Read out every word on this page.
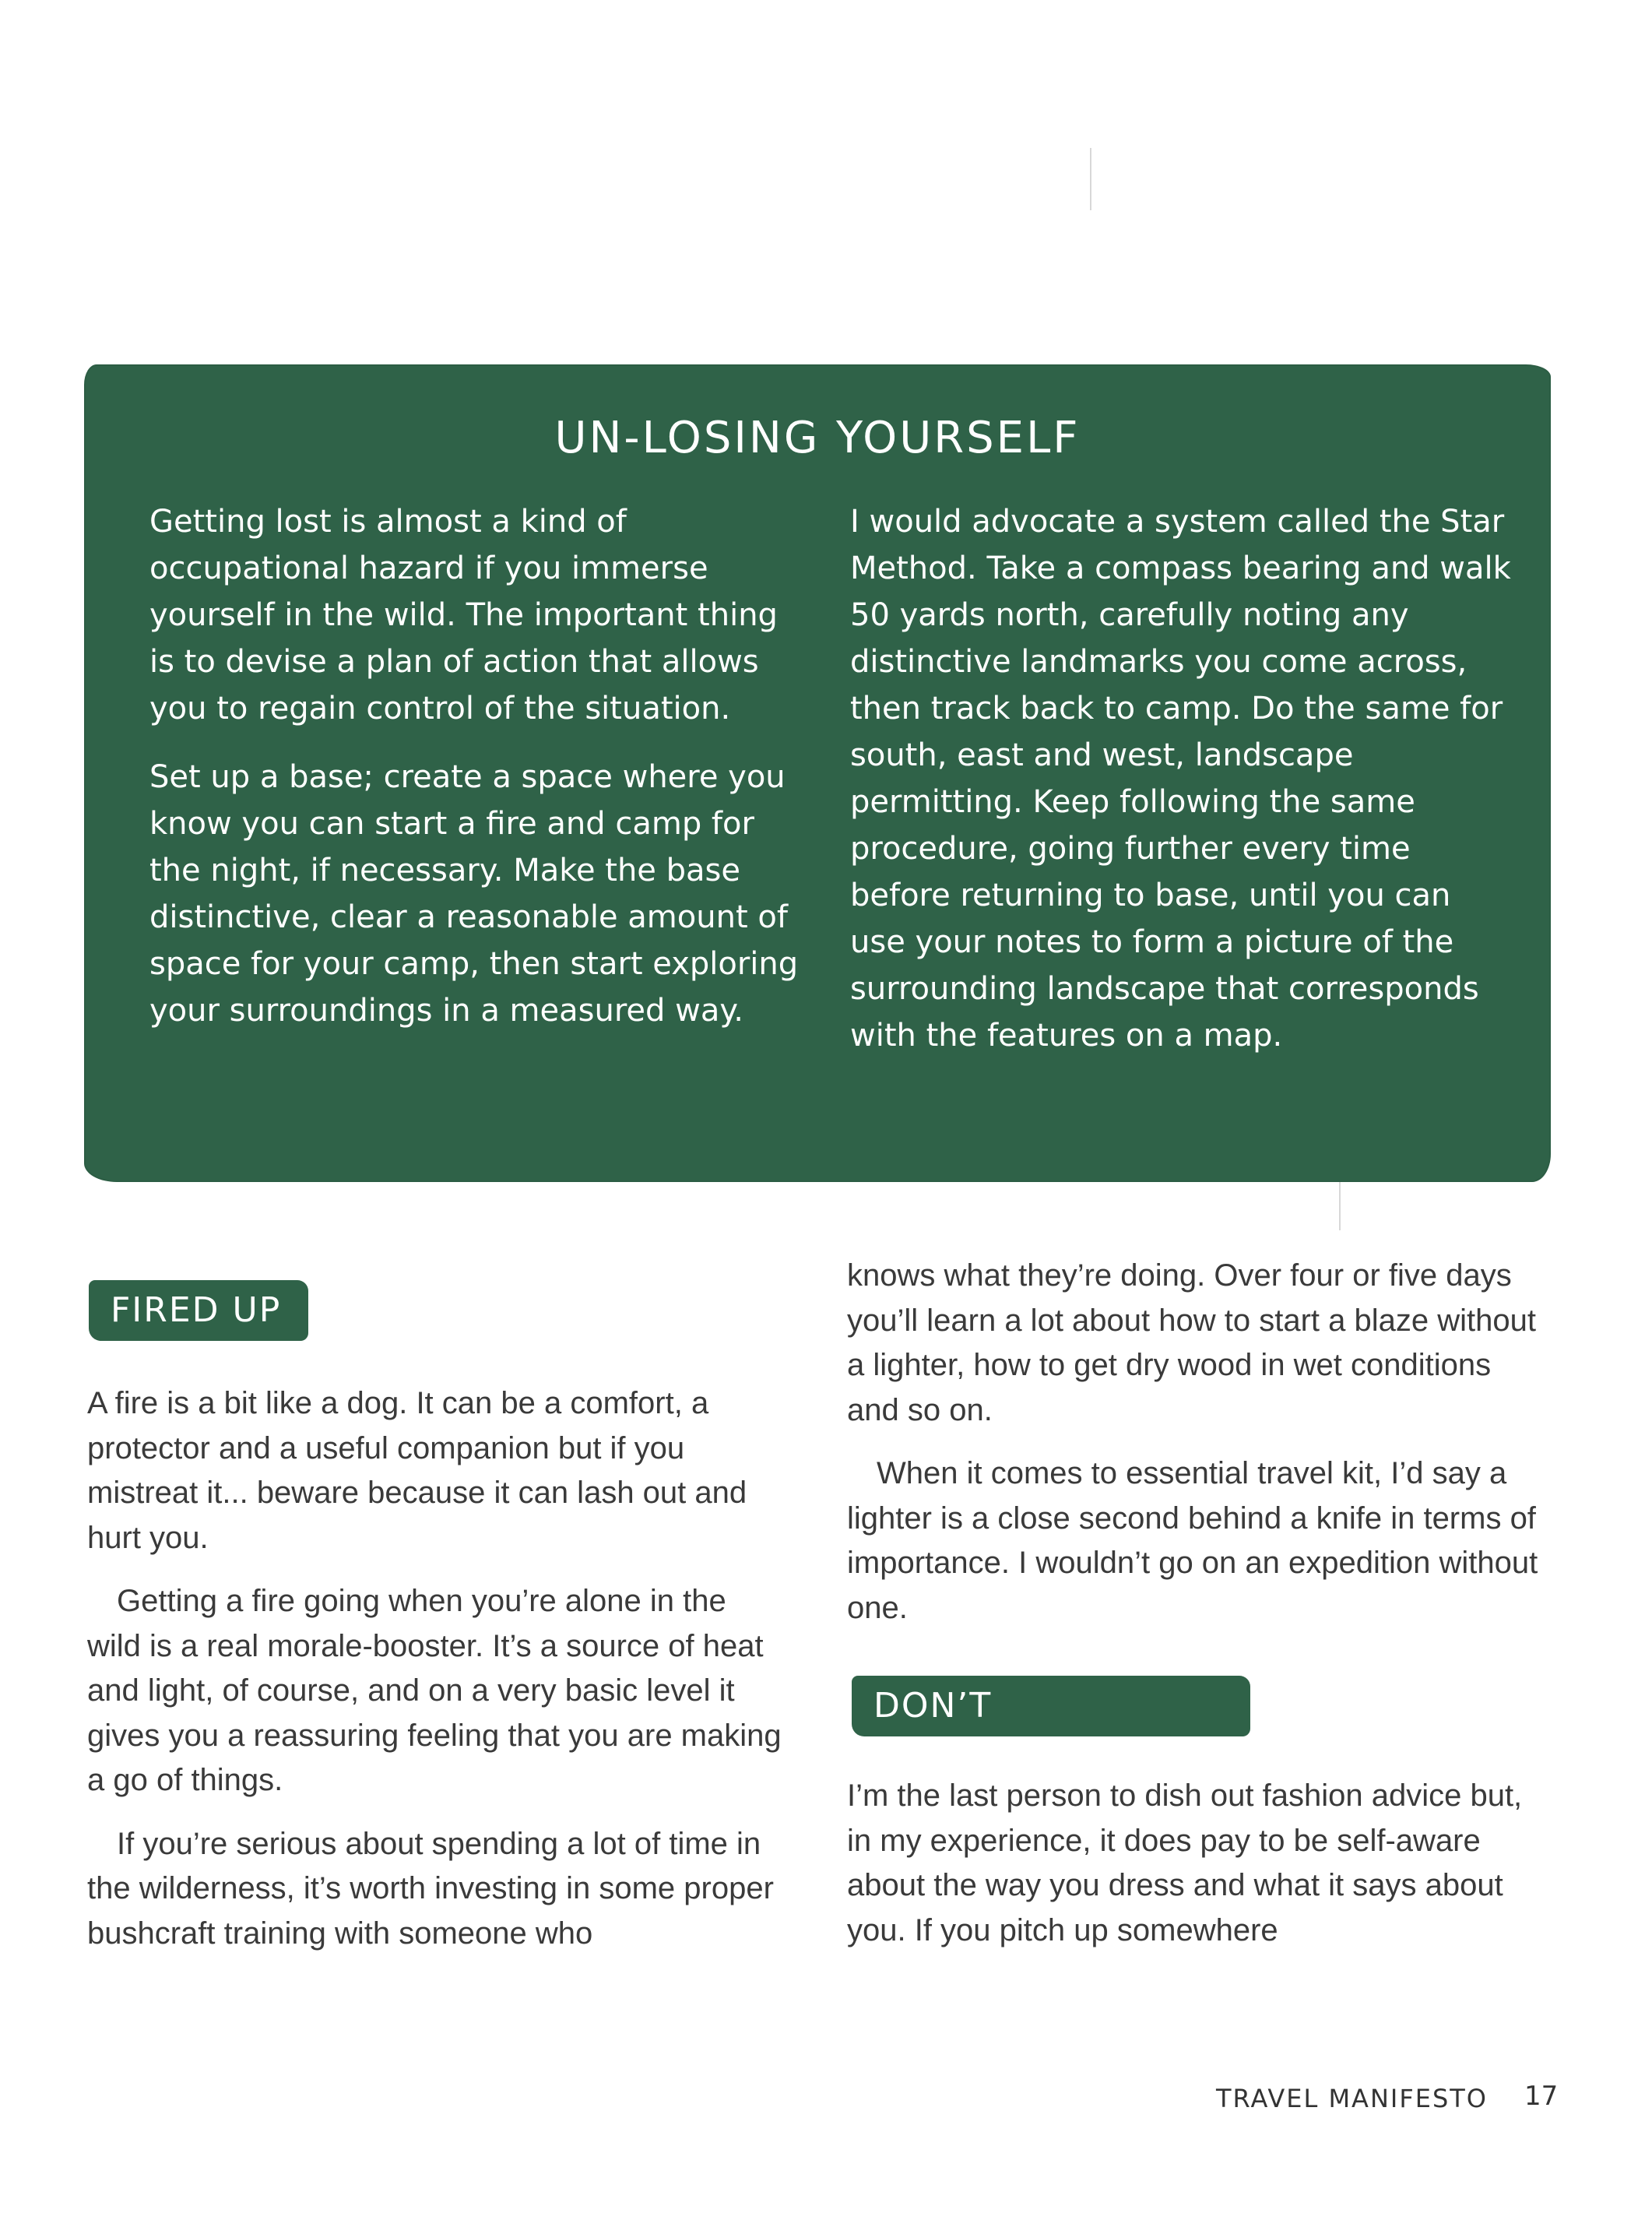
UN-LOSING YOURSELF

Getting lost is almost a kind of occupational hazard if you immerse yourself in the wild. The important thing is to devise a plan of action that allows you to regain control of the situation.

Set up a base; create a space where you know you can start a fire and camp for the night, if necessary. Make the base distinctive, clear a reasonable amount of space for your camp, then start exploring your surroundings in a measured way.

I would advocate a system called the Star Method. Take a compass bearing and walk 50 yards north, carefully noting any distinctive landmarks you come across, then track back to camp. Do the same for south, east and west, landscape permitting. Keep following the same procedure, going further every time before returning to base, until you can use your notes to form a picture of the surrounding landscape that corresponds with the features on a map.

FIRED UP

A fire is a bit like a dog. It can be a comfort, a protector and a useful companion but if you mistreat it... beware because it can lash out and hurt you.

Getting a fire going when you’re alone in the wild is a real morale-booster. It’s a source of heat and light, of course, and on a very basic level it gives you a reassuring feeling that you are making a go of things.

If you’re serious about spending a lot of time in the wilderness, it’s worth investing in some proper bushcraft training with someone who

knows what they’re doing. Over four or five days you’ll learn a lot about how to start a blaze without a lighter, how to get dry wood in wet conditions and so on.

When it comes to essential travel kit, I’d say a lighter is a close second behind a knife in terms of importance. I wouldn’t go on an expedition without one.

DON’T OVERDRESS

I’m the last person to dish out fashion advice but, in my experience, it does pay to be self-aware about the way you dress and what it says about you. If you pitch up somewhere

TRAVEL MANIFESTO 17
